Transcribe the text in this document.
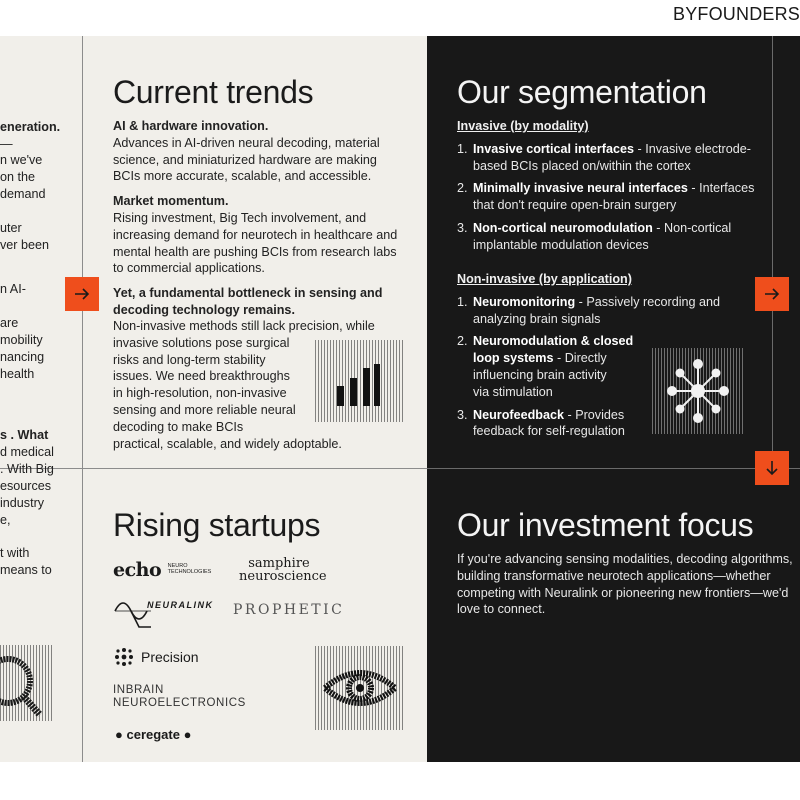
BYFOUNDERS
eneration.
—
n we've
on the
demand
uter
ver been
n AI-
are
mobility
nancing
health
s . What
d medical
. With Big
esources
industry
e,
t with
means to
Current trends
AI & hardware innovation.
Advances in AI-driven neural decoding, material science, and miniaturized hardware are making BCIs more accurate, scalable, and accessible.
Market momentum.
Rising investment, Big Tech involvement, and increasing demand for neurotech in healthcare and mental health are pushing BCIs from research labs to commercial applications.
Yet, a fundamental bottleneck in sensing and decoding technology remains.
Non-invasive methods still lack precision, while
invasive solutions pose surgical
risks and long-term stability
issues. We need breakthroughs
in high-resolution, non-invasive
sensing and more reliable neural
decoding to make BCIs
practical, scalable, and widely adoptable.
Our segmentation
Invasive (by modality)
1. Invasive cortical interfaces - Invasive electrode-based BCIs placed on/within the cortex
2. Minimally invasive neural interfaces - Interfaces that don't require open-brain surgery
3. Non-cortical neuromodulation - Non-cortical implantable modulation devices
Non-invasive (by application)
1. Neuromonitoring - Passively recording and analyzing brain signals
2. Neuromodulation & closed
loop systems - Directly
influencing brain activity
via stimulation
3. Neurofeedback - Provides feedback for self-regulation
Rising startups
echo NEURO
TECHNOLOGIES
samphire
neuroscience
NEURALINK PROPHETIC
Precision
INBRAIN
NEUROELECTRONICS
● ceregate ●
Our investment focus
If you're advancing sensing modalities, decoding algorithms,
building transformative neurotech applications—whether
competing with Neuralink or pioneering new frontiers—we'd
love to connect.
